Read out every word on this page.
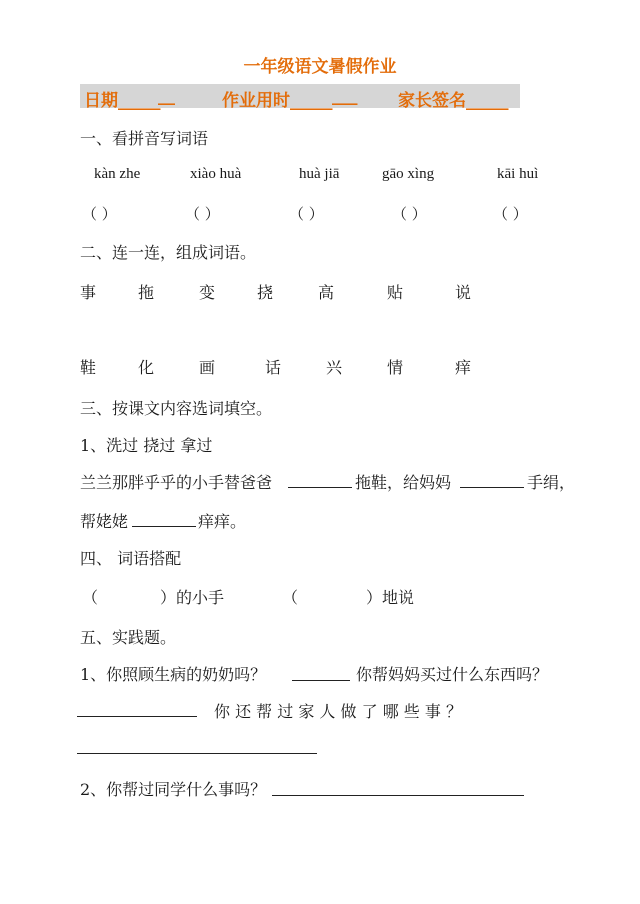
一年级语文暑假作业
日期_____
__	作业用时_____ ___ 家长签名_____
一、看拼音写词语
kàn zhe	xiào huà	huà jiā	gāo xìng	kāi huì
（ ）	（ ）	（ ）	（ ）	（ ）
二、连一连，组成词语。
事	拖	变	挠	高	贴	说
鞋	化	画	话	兴	情	痒
三、按课文内容选词填空。
1、洗过 挠过 拿过
兰兰那胖乎乎的小手替爸爸	拖鞋，给妈妈	手绢，
帮姥姥	痒痒。
四、 词语搭配
（	）的小手	（	）地说
五、实践题。
1、你照顾生病的奶奶吗？	你帮妈妈买过什么东西吗？
你 还 帮 过 家 人 做 了 哪 些 事 ？
2、你帮过同学什么事吗？
